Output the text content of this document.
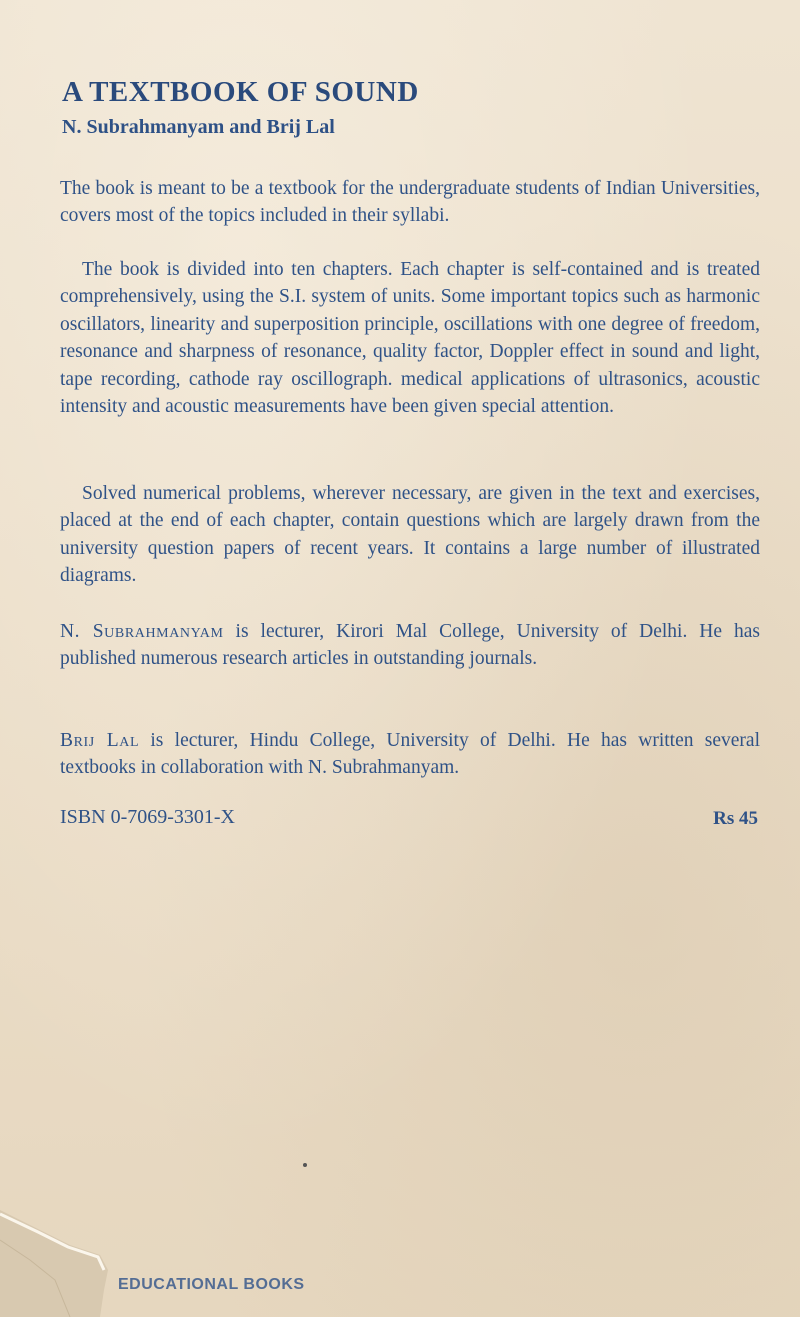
A TEXTBOOK OF SOUND
N. Subrahmanyam and Brij Lal

The book is meant to be a textbook for the undergraduate students of Indian Universities, covers most of the topics included in their syllabi.

The book is divided into ten chapters. Each chapter is self-contained and is treated comprehensively, using the S.I. system of units. Some important topics such as harmonic oscillators, linearity and superposition principle, oscillations with one degree of freedom, resonance and sharpness of resonance, quality factor, Doppler effect in sound and light, tape recording, cathode ray oscillograph. medical applications of ultrasonics, acoustic intensity and acoustic measurements have been given special attention.

Solved numerical problems, wherever necessary, are given in the text and exercises, placed at the end of each chapter, contain questions which are largely drawn from the university question papers of recent years. It contains a large number of illustrated diagrams.

N. Subrahmanyam is lecturer, Kirori Mal College, University of Delhi. He has published numerous research articles in outstanding journals.

Brij Lal is lecturer, Hindu College, University of Delhi. He has written several textbooks in collaboration with N. Subrahmanyam.

ISBN 0-7069-3301-X	Rs 45

EDUCATIONAL BOOKS
